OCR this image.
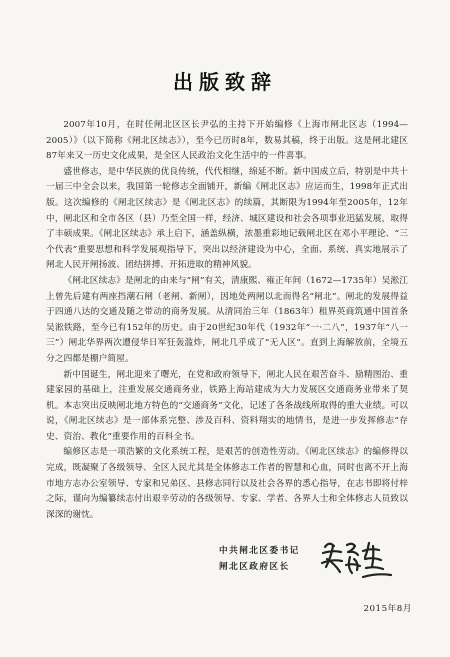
出版致辞

2007年10月，在时任闸北区区长尹弘的主持下开始编修《上海市闸北区志（1994—2005）》（以下简称《闸北区续志》），至今已历时8年，数易其稿，终于出版。这是闸北建区87年来又一历史文化成果，是全区人民政治文化生活中的一件喜事。

盛世修志，是中华民族的优良传统，代代相继，绵延不断。新中国成立后，特别是中共十一届三中全会以来，我国第一轮修志全面铺开，新编《闸北区志》应运而生，1998年正式出版。这次编修的《闸北区续志》是《闸北区志》的续篇，其断限为1994年至2005年，12年中，闸北区和全市各区（县）乃至全国一样，经济、城区建设和社会各项事业迅猛发展，取得了丰硕成果。《闸北区续志》承上启下，涵盖纵横，浓墨重彩地记载闸北区在邓小平理论、“三个代表”重要思想和科学发展观指导下，突出以经济建设为中心，全面、系统、真实地展示了闸北人民开闸扬波、团结拼搏、开拓进取的精神风貌。

《闸北区续志》是闸北的由来与“闸”有关，清康熙、雍正年间（1672—1735年）吴淞江上曾先后建有两座挡潮石闸（老闸、新闸），因地处两闸以北而得名“闸北”。闸北的发展得益于四通八达的交通及随之带动的商务发展。从清同治三年（1863年）租界英商筑通中国首条吴淞铁路，至今已有152年的历史。由于20世纪30年代（1932年“一·二八”，1937年“八一三”）闸北华界两次遭侵华日军狂轰滥炸，闸北几乎成了“无人区”。直到上海解放前，全境五分之四都是棚户简屋。

新中国诞生，闸北迎来了曙光，在党和政府领导下，闸北人民在艰苦奋斗、励精图治、重建家园的基础上，注重发展交通商务业，铁路上海站建成为大力发展区交通商务业带来了契机。本志突出反映闸北地方特色的“交通商务”文化，记述了各条战线所取得的重大业绩。可以说，《闸北区续志》是一部体系完整、涉及百科、资料翔实的地情书，是进一步发挥修志“存史、资治、教化”重要作用的百科全书。

编修区志是一项浩繁的文化系统工程，是艰苦的创造性劳动。《闸北区续志》的编修得以完成，既凝聚了各级领导、全区人民尤其是全体修志工作者的智慧和心血，同时也离不开上海市地方志办公室领导、专家和兄弟区、县修志同行以及社会各界的悉心指导，在志书即将付梓之际，谨向为编纂续志付出艰辛劳动的各级领导、专家、学者、各界人士和全体修志人员致以深深的谢忱。

中共闸北区委书记
闸北区政府区长
2015年8月
